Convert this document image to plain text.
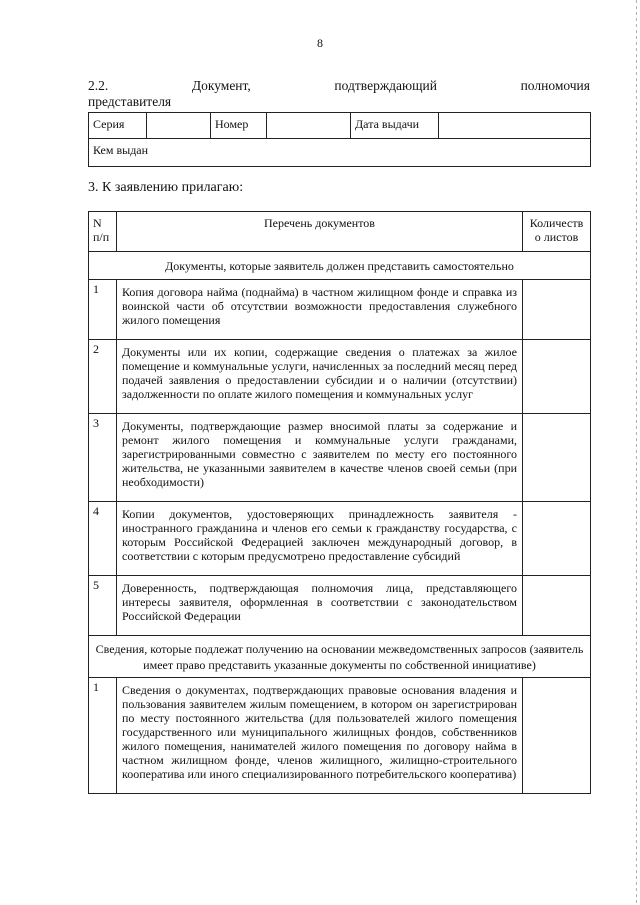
8
2.2.	Документ,	подтверждающий	полномочия
представителя
Серия		Номер		Дата выдачи	
Кем выдан
3. К заявлению прилагаю:
N п/п	Перечень документов	Количеств о листов
Документы, которые заявитель должен представить самостоятельно		
1	Копия договора найма (поднайма) в частном жилищном фонде и справка из воинской части об отсутствии возможности предоставления служебного жилого помещения	
2	Документы или их копии, содержащие сведения о платежах за жилое помещение и коммунальные услуги, начисленных за последний месяц перед подачей заявления о предоставлении субсидии и о наличии (отсутствии) задолженности по оплате жилого помещения и коммунальных услуг	
3	Документы, подтверждающие размер вносимой платы за содержание и ремонт жилого помещения и коммунальные услуги гражданами, зарегистрированными совместно с заявителем по месту его постоянного жительства, не указанными заявителем в качестве членов своей семьи (при необходимости)	
4	Копии документов, удостоверяющих принадлежность заявителя - иностранного гражданина и членов его семьи к гражданству государства, с которым Российской Федерацией заключен международный договор, в соответствии с которым предусмотрено предоставление субсидий	
5	Доверенность, подтверждающая полномочия лица, представляющего интересы заявителя, оформленная в соответствии с законодательством Российской Федерации	
Сведения, которые подлежат получению на основании межведомственных запросов (заявитель имеет право представить указанные документы по собственной инициативе)		
1	Сведения о документах, подтверждающих правовые основания владения и пользования заявителем жилым помещением, в котором он зарегистрирован по месту постоянного жительства (для пользователей жилого помещения государственного или муниципального жилищных фондов, собственников жилого помещения, нанимателей жилого помещения по договору найма в частном жилищном фонде, членов жилищного, жилищно-строительного кооператива или иного специализированного потребительского кооператива)	
